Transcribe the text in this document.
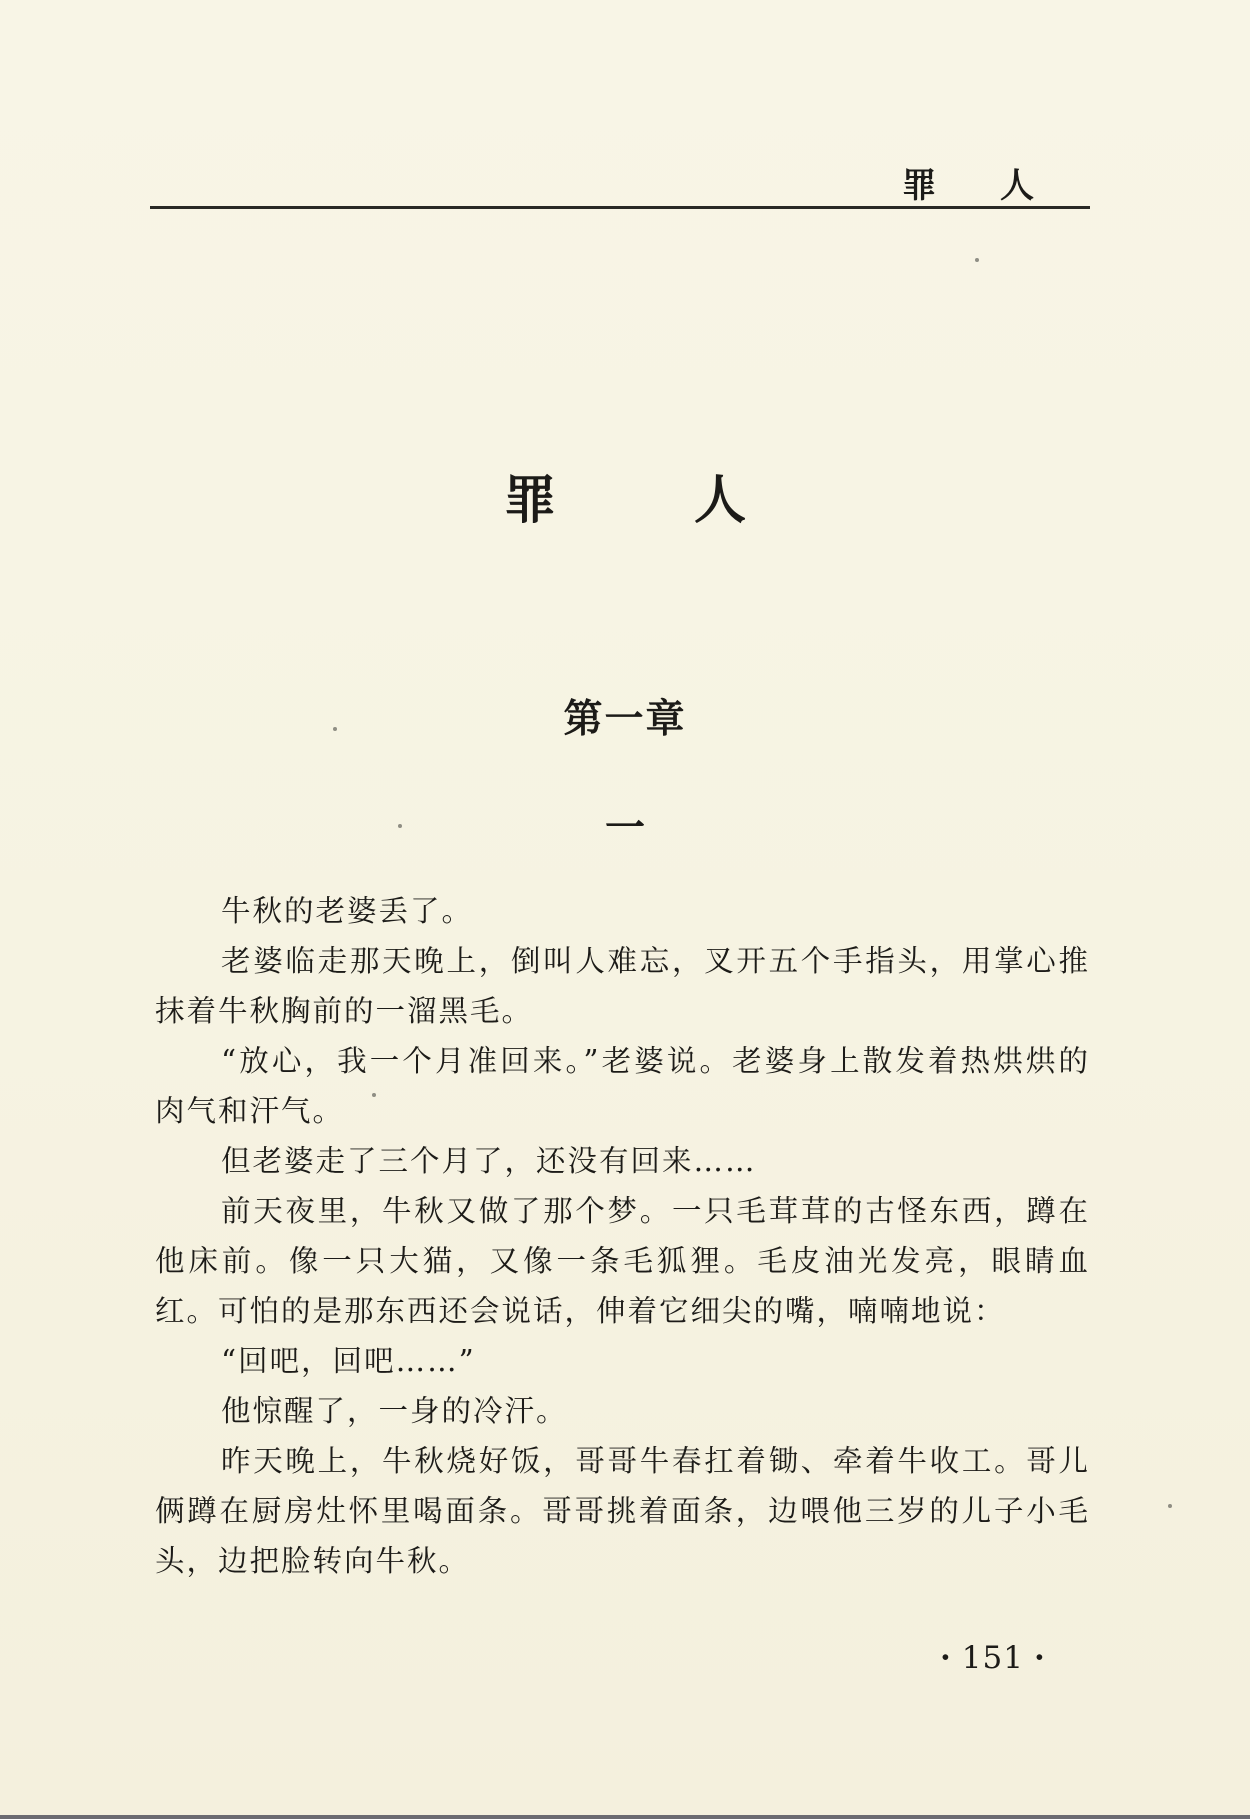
罪 人
罪 人
第一章
一

牛秋的老婆丢了。

老婆临走那天晚上，倒叫人难忘，叉开五个手指头，用掌心推抹着牛秋胸前的一溜黑毛。

“放心，我一个月准回来。”老婆说。老婆身上散发着热烘烘的肉气和汗气。

但老婆走了三个月了，还没有回来……

前天夜里，牛秋又做了那个梦。一只毛茸茸的古怪东西，蹲在他床前。像一只大猫，又像一条毛狐狸。毛皮油光发亮，眼睛血红。可怕的是那东西还会说话，伸着它细尖的嘴，喃喃地说：

“回吧，回吧……”

他惊醒了，一身的冷汗。

昨天晚上，牛秋烧好饭，哥哥牛春扛着锄、牵着牛收工。哥儿俩蹲在厨房灶怀里喝面条。哥哥挑着面条，边喂他三岁的儿子小毛头，边把脸转向牛秋。

· 151 ·
